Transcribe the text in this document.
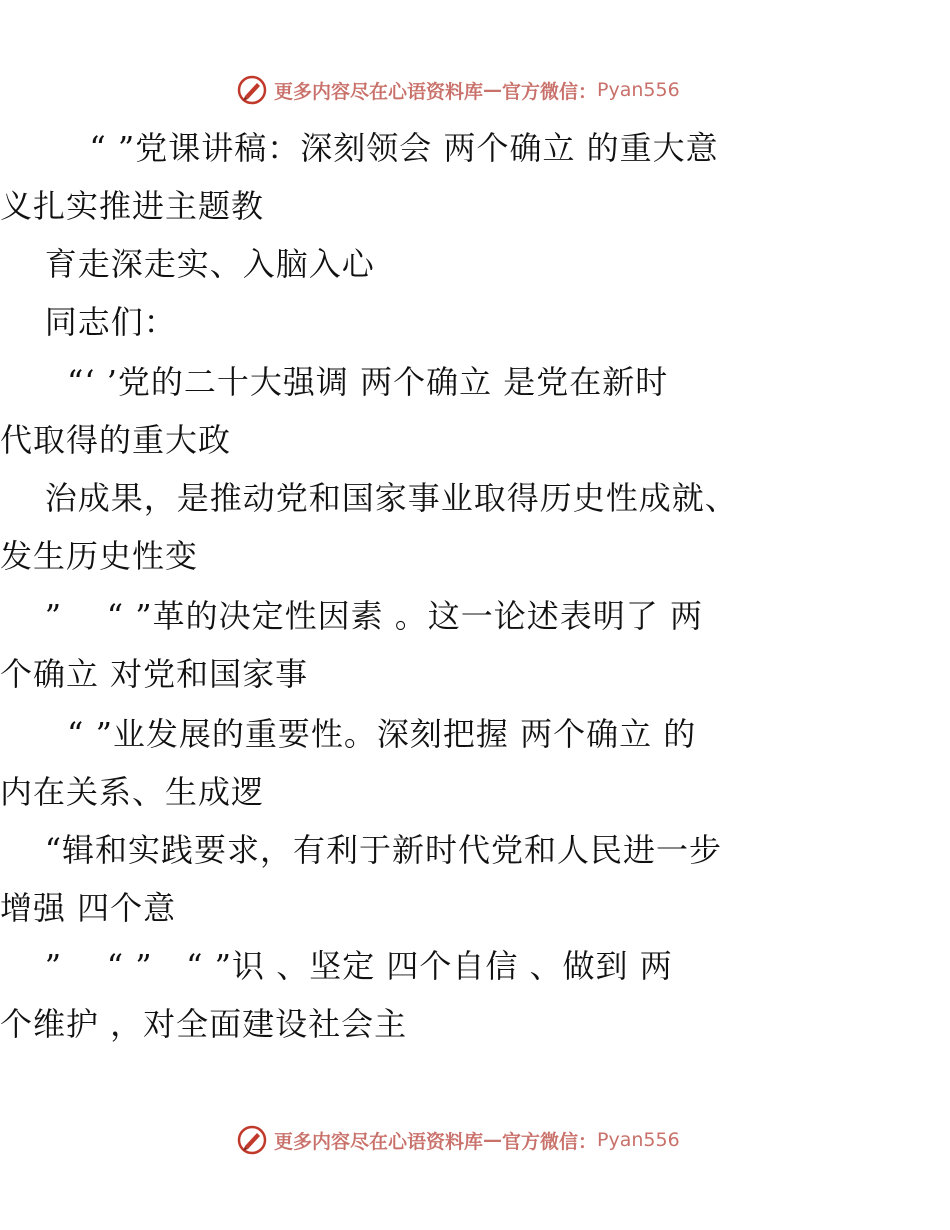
更多内容尽在心语资料库 — 官方微信： Pyan556
“ ”党课讲稿：深刻领会 两个确立 的重大意
义扎实推进主题教
育走深走实、入脑入心
同志们：
“‘ ’党的二十大强调 两个确立 是党在新时
代取得的重大政
治成果，是推动党和国家事业取得历史性成就、
发生历史性变
”    “ ”革的决定性因素 。这一论述表明了 两
个确立 对党和国家事
“ ”业发展的重要性。深刻把握 两个确立 的
内在关系、生成逻
“辑和实践要求，有利于新时代党和人民进一步
增强 四个意
”    “ ”   “ ”识 、坚定 四个自信 、做到 两
个维护 ，对全面建设社会主
更多内容尽在心语资料库 — 官方微信： Pyan556
